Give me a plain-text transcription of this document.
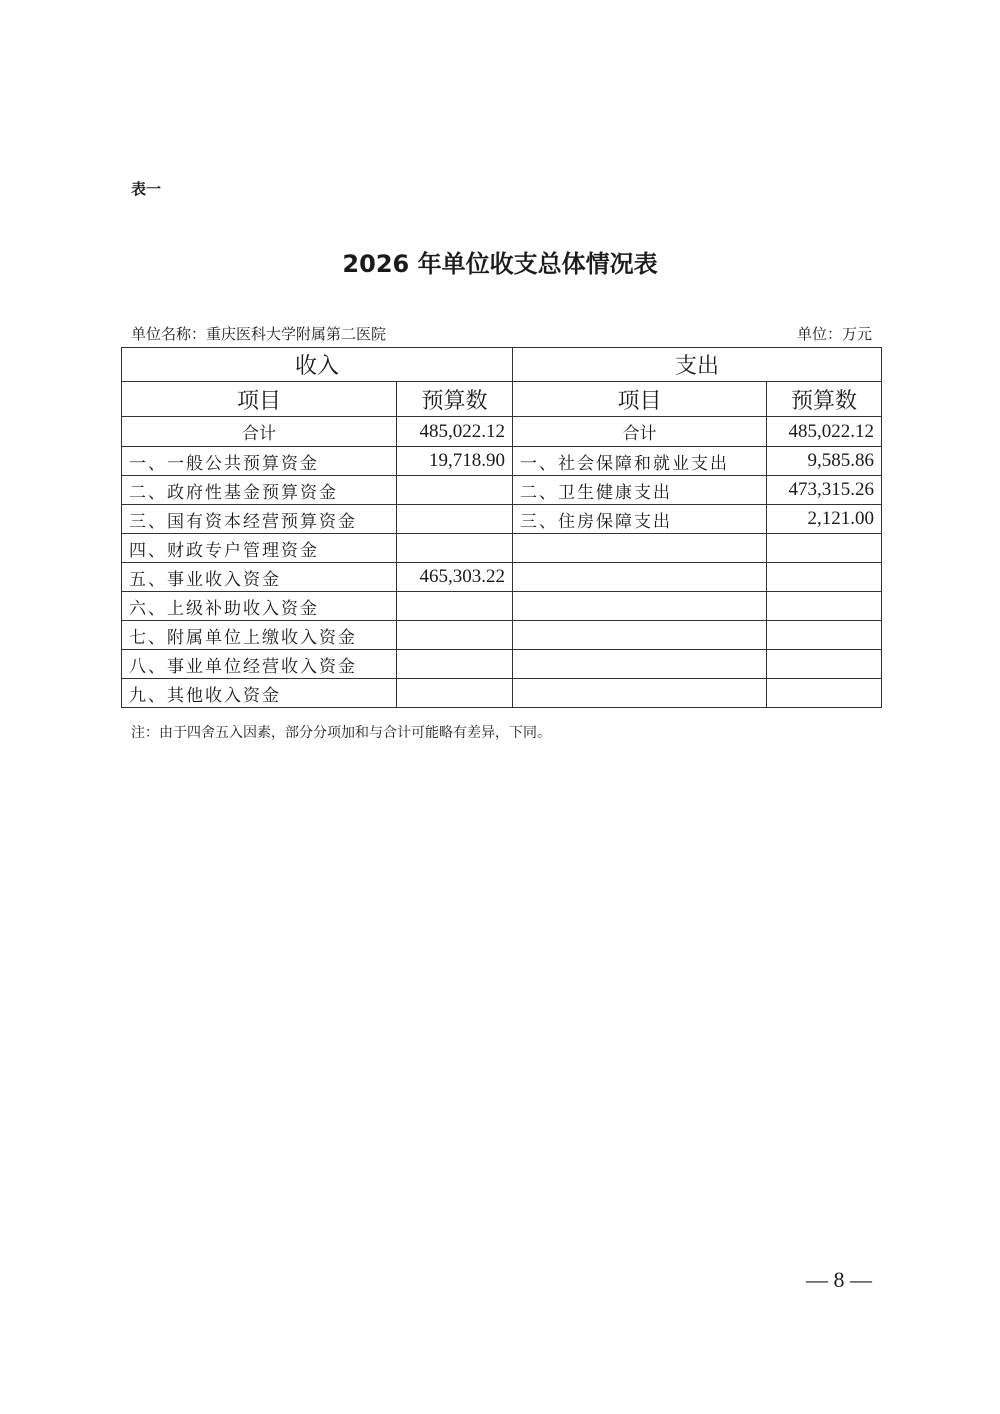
表一
2026 年单位收支总体情况表
单位名称：重庆医科大学附属第二医院	单位：万元
收入		支出	
项目	预算数	项目	预算数
合计	485,022.12	合计	485,022.12
一、一般公共预算资金	19,718.90	一、社会保障和就业支出	9,585.86
二、政府性基金预算资金		二、卫生健康支出	473,315.26
三、国有资本经营预算资金		三、住房保障支出	2,121.00
四、财政专户管理资金			
五、事业收入资金	465,303.22		
六、上级补助收入资金			
七、附属单位上缴收入资金			
八、事业单位经营收入资金			
九、其他收入资金			
注：由于四舍五入因素，部分分项加和与合计可能略有差异，下同。
— 8 —
